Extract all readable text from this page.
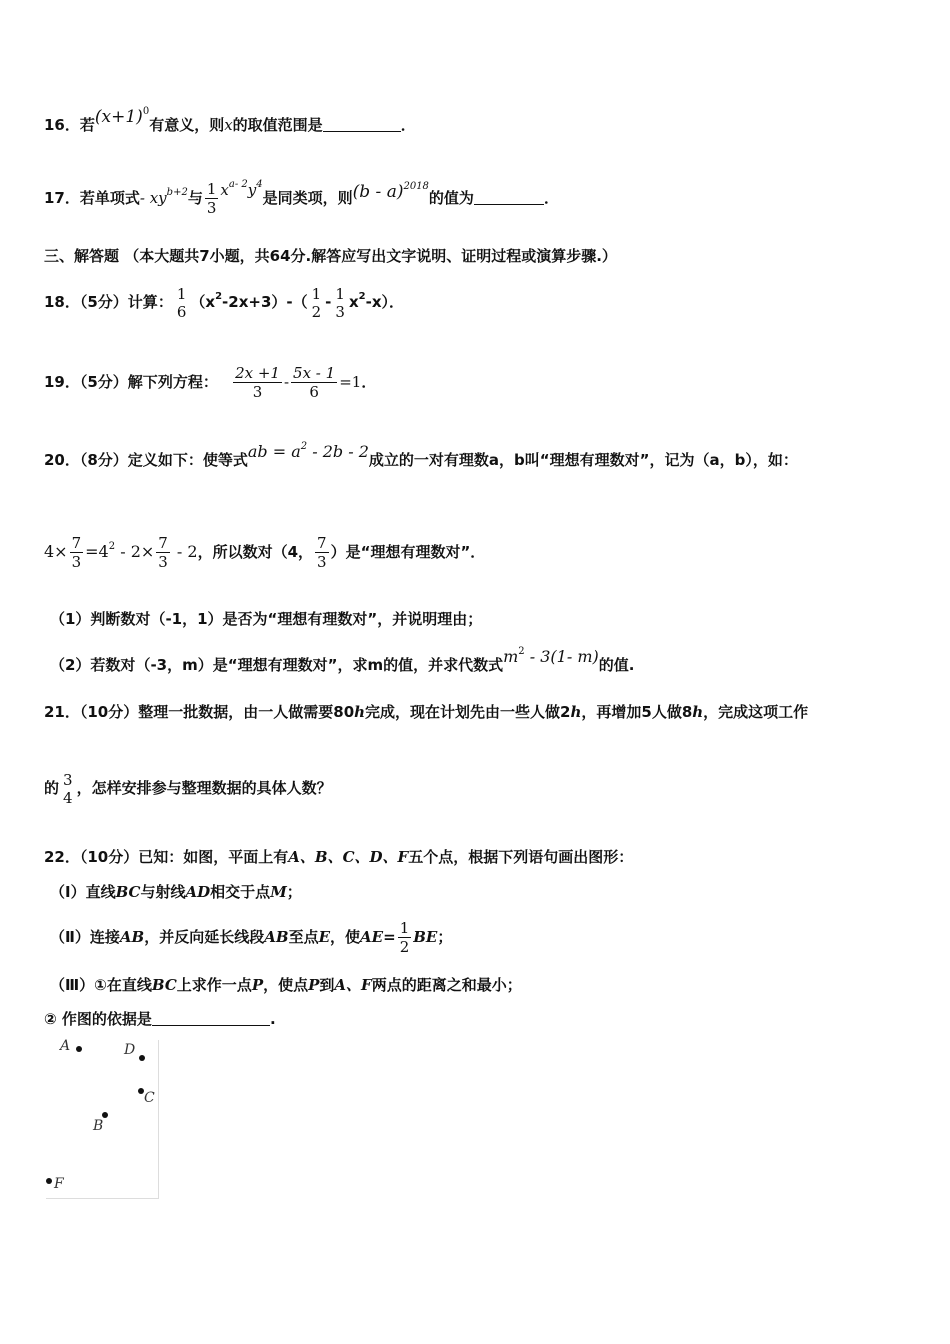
16．若$(x+1)^0$有意义，则x的取值范围是	．
17．若单项式- $xy^{b+2}$与 $\frac{1}{3} x^{a- 2}y^4$是同类项，则(b - a)$^{2018}$的值为	．
三、解答题 （本大题共7小题，共64分.解答应写出文字说明、证明过程或演算步骤.）
18．（5分）计算： 1
6
$(x^2-2x+3)-$（ 1
2
- 1
3
$x^2-x$）．
19．（5分）解下列方程： $\frac{2x +1}{3} - \frac{5x - 1}{6} =1$．
20．（8分）定义如下：使等式ab = $a^2 - 2b - 2$成立的一对有理数a，b叫“理想有理数对”，记为（a，b），如：
$4\times \frac{7}{3} =4^2 - 2\times \frac{7}{3} - 2$，所以数对（4， $\frac{7}{3}$ ）是“理想有理数对”．
（1）判断数对（-1，1）是否为“理想有理数对”，并说明理由；
（2）若数对（-3，m）是“理想有理数对”，求m的值，并求代数式$m^2 - 3(1-$ m)的值.
21．（10分）整理一批数据，由一人做需要80h完成，现在计划先由一些人做2h，再增加5人做8h，完成这项工作
的 3
4
，怎样安排参与整理数据的具体人数？
22．（10分）已知：如图，平面上有A、B、C、D、F五个点，根据下列语句画出图形：
（Ⅰ）直线BC与射线AD相交于点M；
（Ⅱ）连接AB，并反向延长线段AB至点E，使$AE= \frac{1}{2}$ BE；
（Ⅲ）①在直线BC上求作一点P，使点P到A、F两点的距离之和最小；
② 作图的依据是	.
A	D
C
B
F
